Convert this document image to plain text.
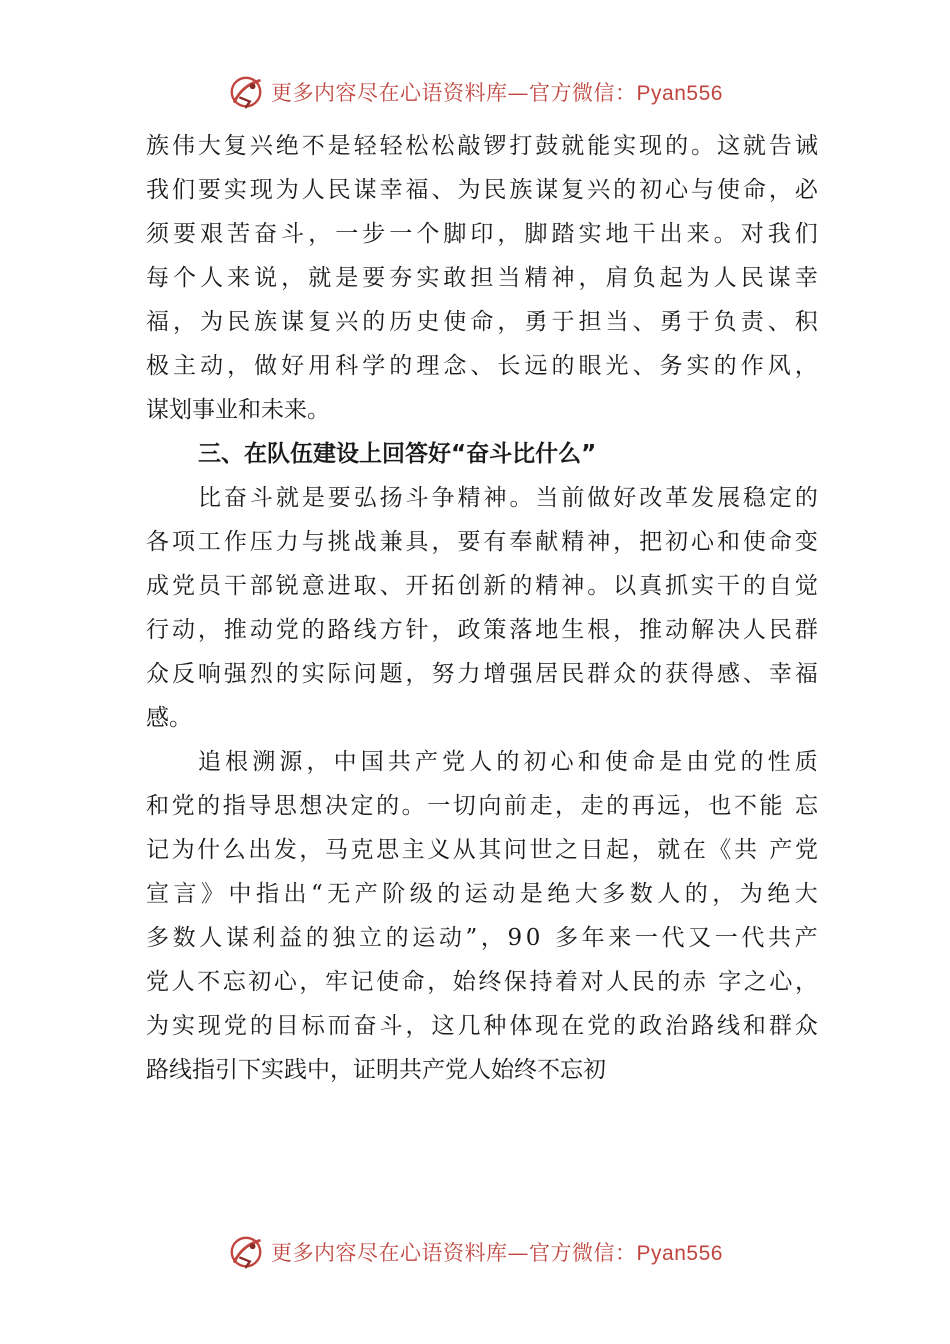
更多内容尽在心语资料库—官方微信：Pyan556
族 伟 大 复 兴 绝 不 是 轻 轻 松 松 敲 锣 打 鼓 就 能 实 现 的 。 这 就 告 诫
我 们 要 实 现 为 人 民 谋 幸 福 、 为 民 族 谋 复 兴 的 初 心 与 使 命 ， 必
须 要 艰 苦 奋 斗 ， 一 步 一 个 脚 印 ， 脚 踏 实 地 干 出 来 。 对 我 们
每 个 人 来 说 ， 就 是 要 夯 实 敢 担 当 精 神 ， 肩 负 起 为 人 民 谋 幸
福 ， 为 民 族 谋 复 兴 的 历 史 使 命 ， 勇 于 担 当 、 勇 于 负 责 、 积
极 主 动 ， 做 好 用 科 学 的 理 念 、 长 远 的 眼 光 、 务 实 的 作 风 ，
谋划事业和未来。
三、在队伍建设上回答好“奋斗比什么”
比 奋 斗 就 是 要 弘 扬 斗 争 精 神 。 当 前 做 好 改 革 发 展 稳 定 的
各 项 工 作 压 力 与 挑 战 兼 具 ， 要 有 奉 献 精 神 ， 把 初 心 和 使 命 变
成 党 员 干 部 锐 意 进 取 、 开 拓 创 新 的 精 神 。 以 真 抓 实 干 的 自 觉
行 动 ， 推 动 党 的 路 线 方 针 ， 政 策 落 地 生 根 ， 推 动 解 决 人 民 群
众 反 响 强 烈 的 实 际 问 题 ， 努 力 增 强 居 民 群 众 的 获 得 感 、 幸 福
感。
追 根 溯 源 ， 中 国 共 产 党 人 的 初 心 和 使 命 是 由 党 的 性 质
和 党 的 指 导 思 想 决 定 的 。 一 切 向 前 走 ， 走 的 再 远 ， 也 不 能
忘
记 为 什 么 出 发 ， 马 克 思 主 义 从 其 问 世 之 日 起 ， 就 在 《 共
产 党
宣 言 》 中 指 出 “ 无 产 阶 级 的 运 动 是 绝 大 多 数 人 的 ， 为 绝 大
多 数 人 谋 利 益 的 独 立 的 运 动 ” ， 9 0
多 年 来 一 代 又 一 代 共 产
党 人 不 忘 初 心 ， 牢 记 使 命 ， 始 终 保 持 着 对 人 民 的 赤
字 之 心 ，
为 实 现 党 的 目 标 而 奋 斗 ， 这 几 种 体 现 在 党 的 政 治 路 线 和 群 众
路线指引下实践中，证明共产党人始终不忘初
更多内容尽在心语资料库—官方微信：Pyan556
